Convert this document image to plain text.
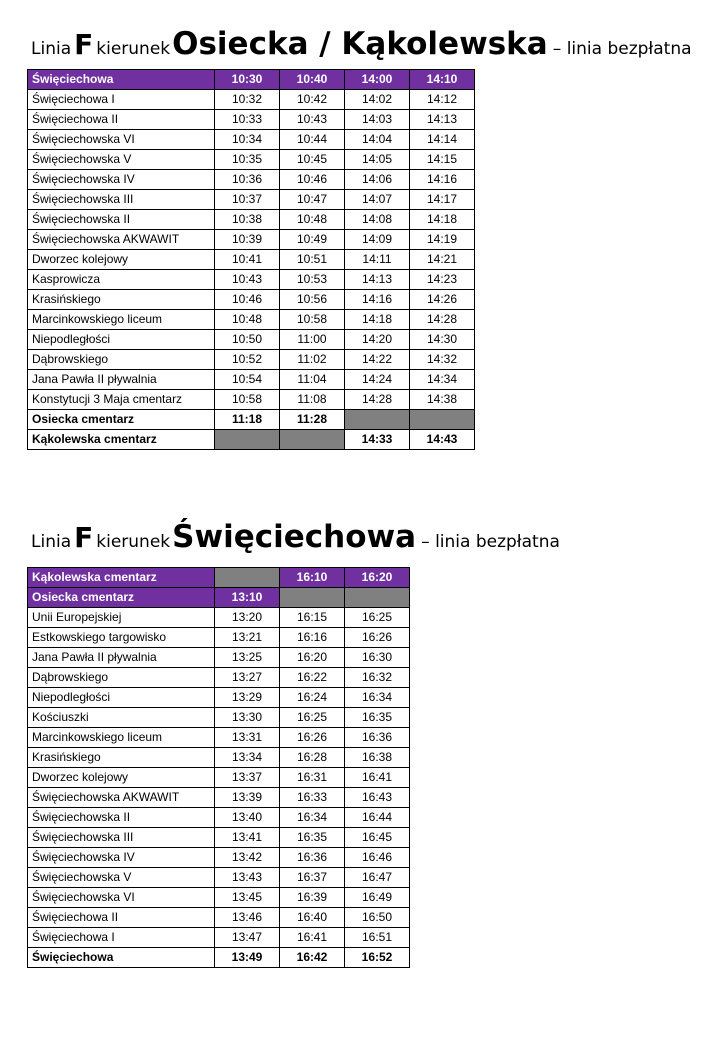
Linia F kierunekOsiecka / Kąkolewska – linia bezpłatna
Święciechowa	10:30	10:40	14:00	14:10
Święciechowa I	10:32	10:42	14:02	14:12
Święciechowa II	10:33	10:43	14:03	14:13
Święciechowska VI	10:34	10:44	14:04	14:14
Święciechowska V	10:35	10:45	14:05	14:15
Święciechowska IV	10:36	10:46	14:06	14:16
Święciechowska III	10:37	10:47	14:07	14:17
Święciechowska II	10:38	10:48	14:08	14:18
Święciechowska AKWAWIT	10:39	10:49	14:09	14:19
Dworzec kolejowy	10:41	10:51	14:11	14:21
Kasprowicza	10:43	10:53	14:13	14:23
Krasińskiego	10:46	10:56	14:16	14:26
Marcinkowskiego liceum	10:48	10:58	14:18	14:28
Niepodległości	10:50	11:00	14:20	14:30
Dąbrowskiego	10:52	11:02	14:22	14:32
Jana Pawła II pływalnia	10:54	11:04	14:24	14:34
Konstytucji 3 Maja cmentarz	10:58	11:08	14:28	14:38
Osiecka cmentarz	11:18	11:28		
Kąkolewska cmentarz			14:33	14:43
Linia F kierunekŚwięciechowa – linia bezpłatna
Kąkolewska cmentarz		16:10	16:20
Osiecka cmentarz	13:10		
Unii Europejskiej	13:20	16:15	16:25
Estkowskiego targowisko	13:21	16:16	16:26
Jana Pawła II pływalnia	13:25	16:20	16:30
Dąbrowskiego	13:27	16:22	16:32
Niepodległości	13:29	16:24	16:34
Kościuszki	13:30	16:25	16:35
Marcinkowskiego liceum	13:31	16:26	16:36
Krasińskiego	13:34	16:28	16:38
Dworzec kolejowy	13:37	16:31	16:41
Święciechowska AKWAWIT	13:39	16:33	16:43
Święciechowska II	13:40	16:34	16:44
Święciechowska III	13:41	16:35	16:45
Święciechowska IV	13:42	16:36	16:46
Święciechowska V	13:43	16:37	16:47
Święciechowska VI	13:45	16:39	16:49
Święciechowa II	13:46	16:40	16:50
Święciechowa I	13:47	16:41	16:51
Święciechowa	13:49	16:42	16:52
